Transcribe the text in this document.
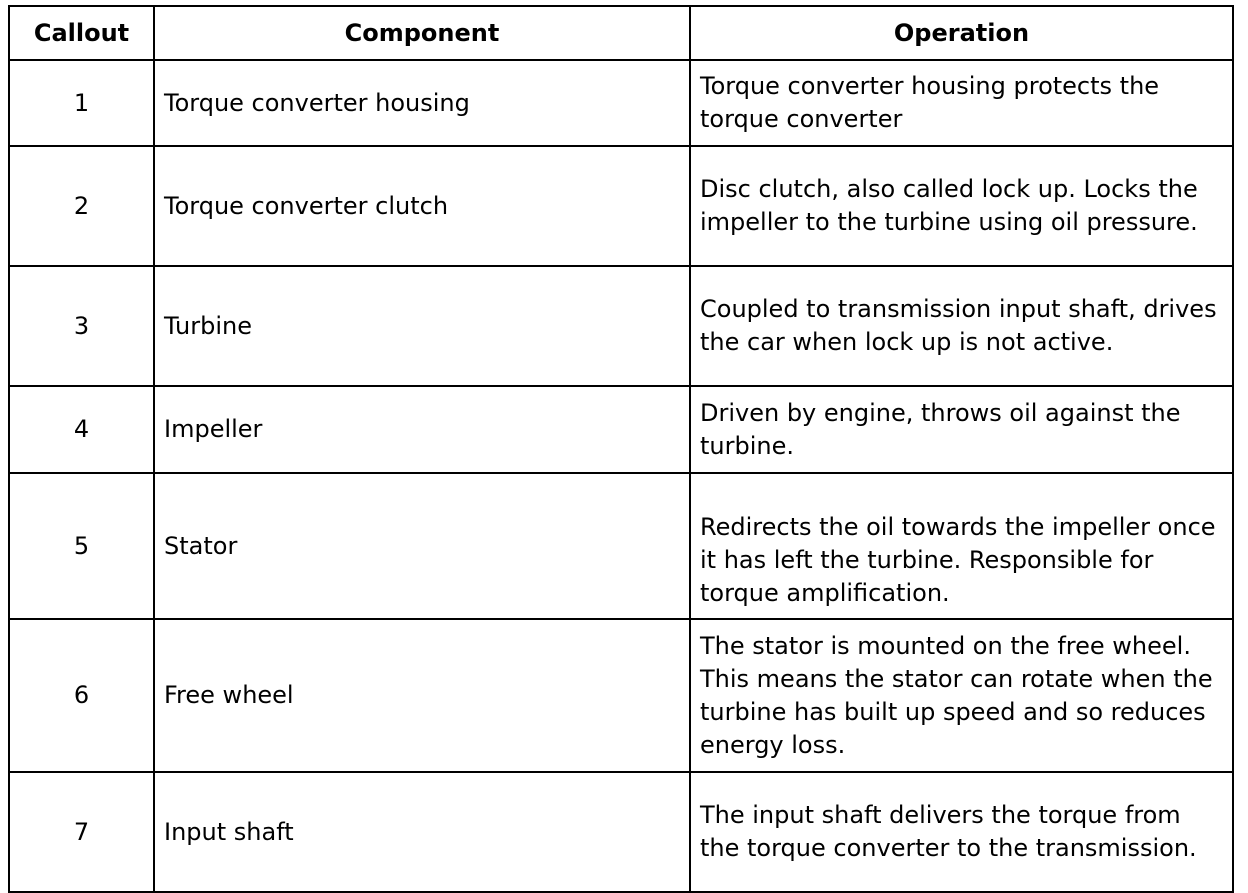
Callout	Component	Operation
1	Torque converter housing	Torque converter housing protects the torque converter
2	Torque converter clutch	Disc clutch, also called lock up. Locks the impeller to the turbine using oil pressure.
3	Turbine	Coupled to transmission input shaft, drives the car when lock up is not active.
4	Impeller	Driven by engine, throws oil against the turbine.
5	Stator	Redirects the oil towards the impeller once it has left the turbine. Responsible for torque amplification.
6	Free wheel	The stator is mounted on the free wheel. This means the stator can rotate when the turbine has built up speed and so reduces energy loss.
7	Input shaft	The input shaft delivers the torque from the torque converter to the transmission.
